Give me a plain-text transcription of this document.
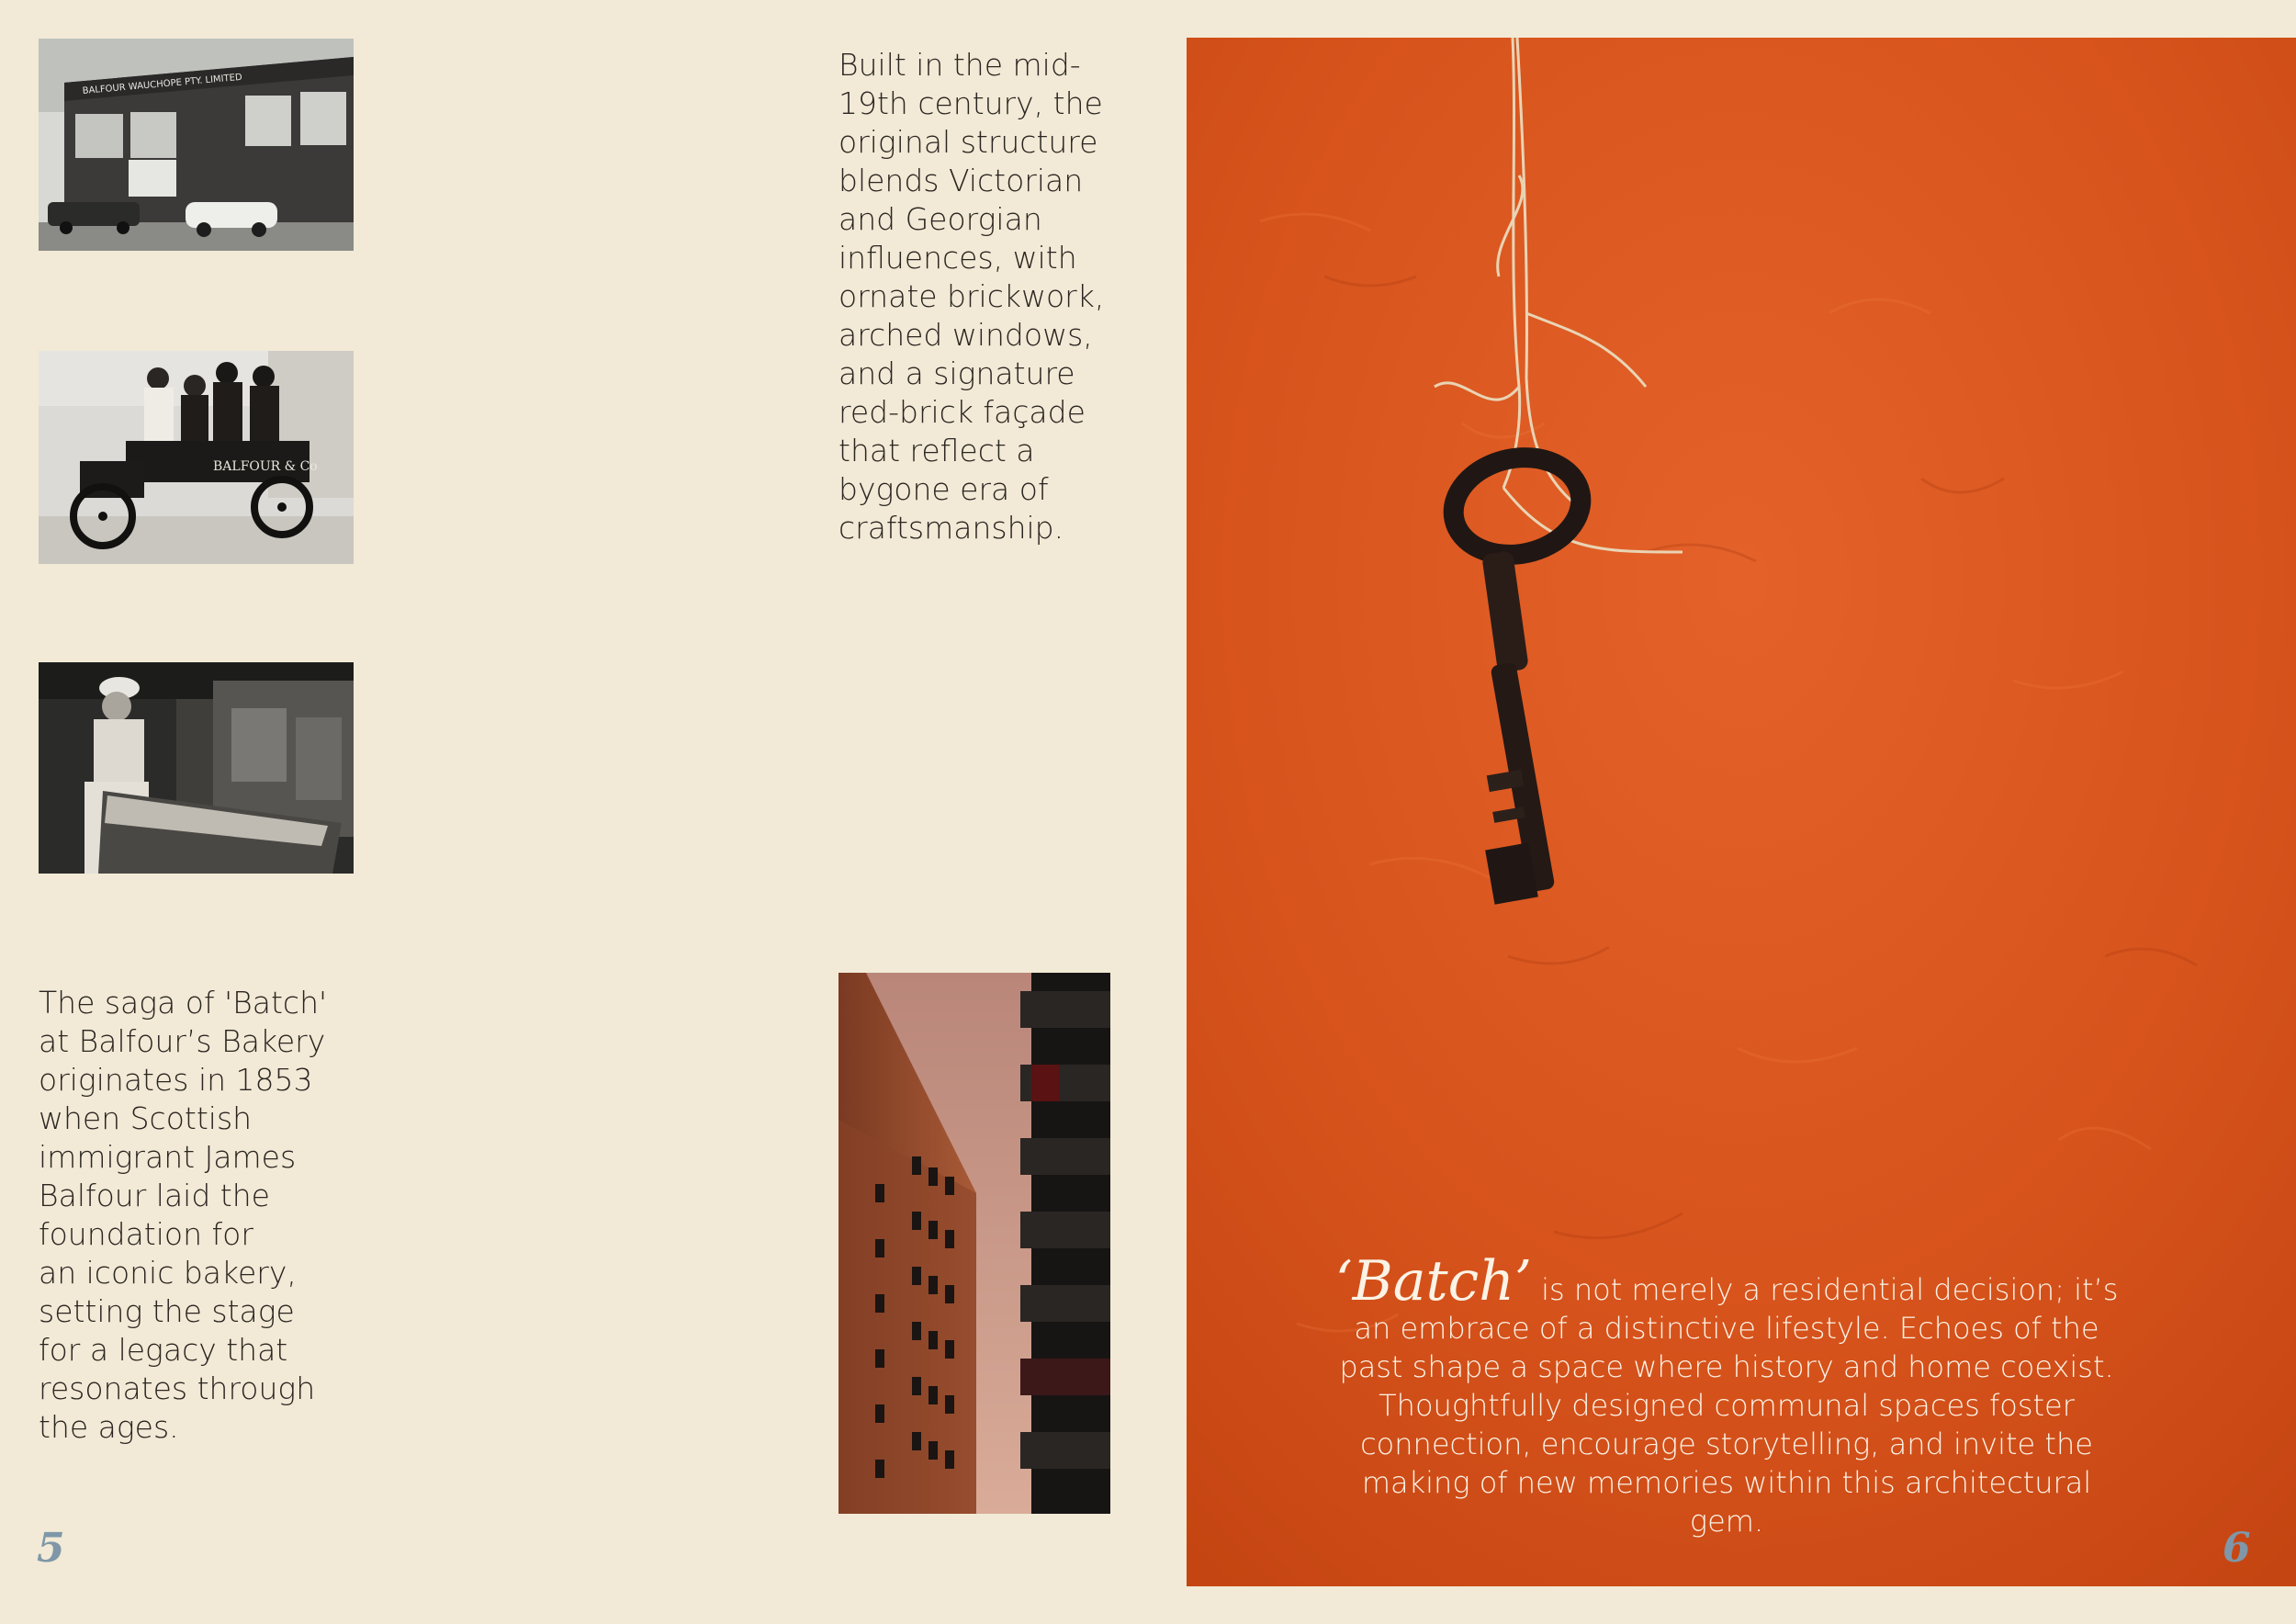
BALFOUR WAUCHOPE PTY. LIMITED
BALFOUR & Co

The saga of 'Batch'
at Balfour’s Bakery
originates in 1853
when Scottish
immigrant James
Balfour laid the
foundation for
an iconic bakery,
setting the stage
for a legacy that
resonates through
the ages.

5

Built in the mid-
19th century, the
original structure
blends Victorian
and Georgian
influences, with
ornate brickwork,
arched windows,
and a signature
red-brick façade
that reflect a
bygone era of
craftsmanship.

‘Batch’ is not merely a residential decision; it’s an embrace of a distinctive lifestyle. Echoes of the past shape a space where history and home coexist. Thoughtfully designed communal spaces foster connection, encourage storytelling, and invite the making of new memories within this architectural gem.

6
